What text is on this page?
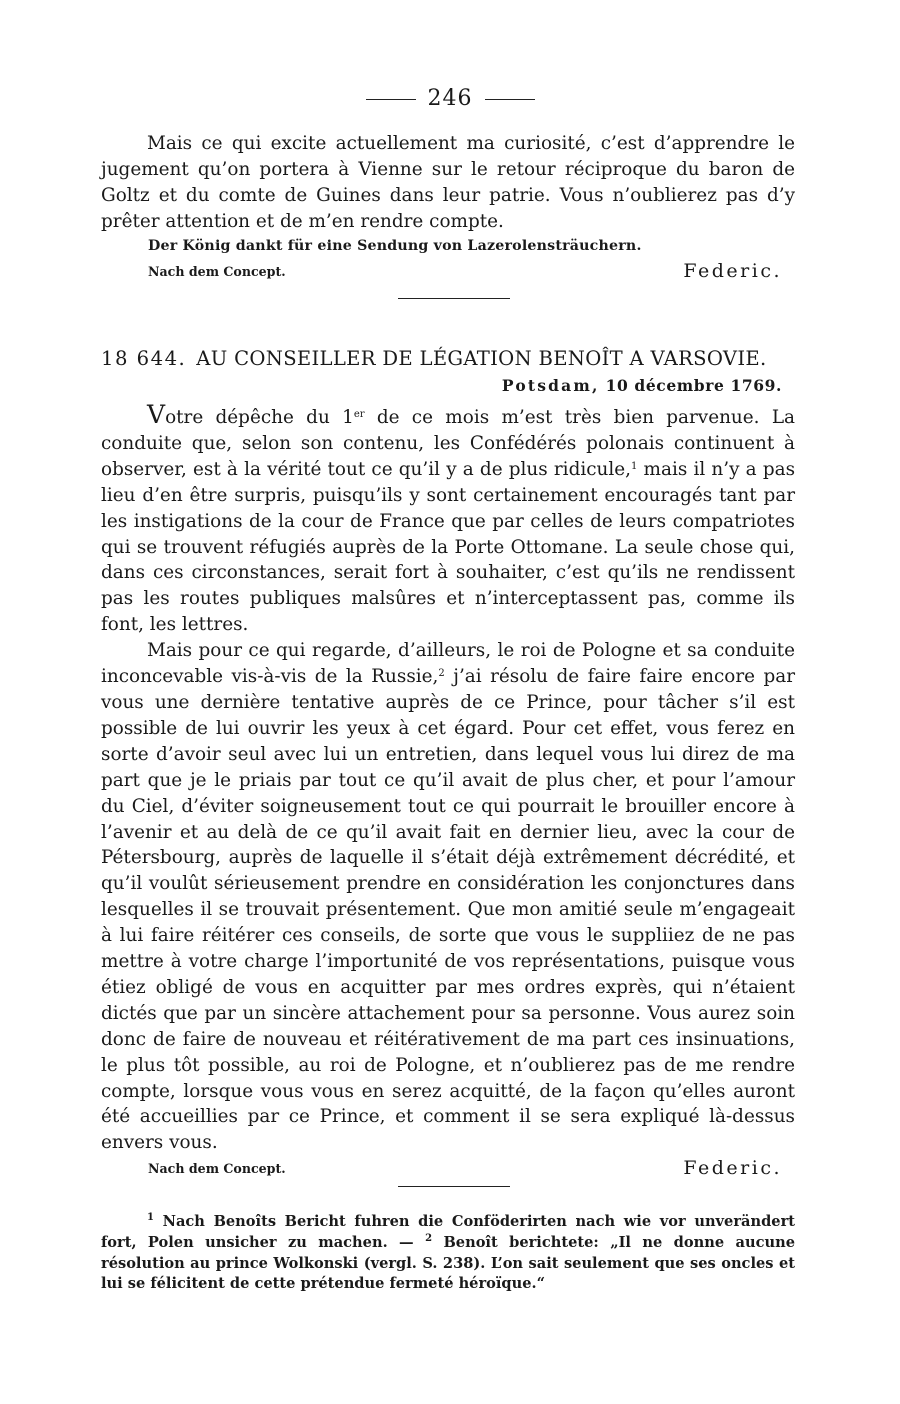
246

Mais ce qui excite actuellement ma curiosité, c’est d’apprendre le jugement qu’on portera à Vienne sur le retour réciproque du baron de Goltz et du comte de Guines dans leur patrie. Vous n’oublierez pas d’y prêter attention et de m’en rendre compte.

Der König dankt für eine Sendung von Lazerolensträuchern.
Nach dem Concept.	Federic.
18 644. AU CONSEILLER DE LÉGATION BENOÎT A VARSOVIE.
Potsdam, 10 décembre 1769.

Votre dépêche du 1er de ce mois m’est très bien parvenue. La conduite que, selon son contenu, les Confédérés polonais continuent à observer, est à la vérité tout ce qu’il y a de plus ridicule,$^1$ mais il n’y a pas lieu d’en être surpris, puisqu’ils y sont certainement encouragés tant par les instigations de la cour de France que par celles de leurs compatriotes qui se trouvent réfugiés auprès de la Porte Ottomane. La seule chose qui, dans ces circonstances, serait fort à souhaiter, c’est qu’ils ne rendissent pas les routes publiques malsûres et n’interceptassent pas, comme ils font, les lettres.

Mais pour ce qui regarde, d’ailleurs, le roi de Pologne et sa conduite inconcevable vis-à-vis de la Russie,$^2$ j’ai résolu de faire faire encore par vous une dernière tentative auprès de ce Prince, pour tâcher s’il est possible de lui ouvrir les yeux à cet égard. Pour cet effet, vous ferez en sorte d’avoir seul avec lui un entretien, dans lequel vous lui direz de ma part que je le priais par tout ce qu’il avait de plus cher, et pour l’amour du Ciel, d’éviter soigneusement tout ce qui pourrait le brouiller encore à l’avenir et au delà de ce qu’il avait fait en dernier lieu, avec la cour de Pétersbourg, auprès de laquelle il s’était déjà extrêmement décrédité, et qu’il voulût sérieusement prendre en considération les conjonctures dans lesquelles il se trouvait présentement. Que mon amitié seule m’engageait à lui faire réitérer ces conseils, de sorte que vous le suppliiez de ne pas mettre à votre charge l’importunité de vos représentations, puisque vous étiez obligé de vous en acquitter par mes ordres exprès, qui n’étaient dictés que par un sincère attachement pour sa personne. Vous aurez soin donc de faire de nouveau et réitérativement de ma part ces insinuations, le plus tôt possible, au roi de Pologne, et n’oublierez pas de me rendre compte, lorsque vous vous en serez acquitté, de la façon qu’elles auront été accueillies par ce Prince, et comment il se sera expliqué là-dessus envers vous.

Nach dem Concept.	Federic.

$^1$ Nach Benoîts Bericht fuhren die Conföderirten nach wie vor unverändert fort, Polen unsicher zu machen. — $^2$ Benoît berichtete: „Il ne donne aucune résolution au prince Wolkonski (vergl. S. 238). L’on sait seulement que ses oncles et lui se félicitent de cette prétendue fermeté héroïque.“
